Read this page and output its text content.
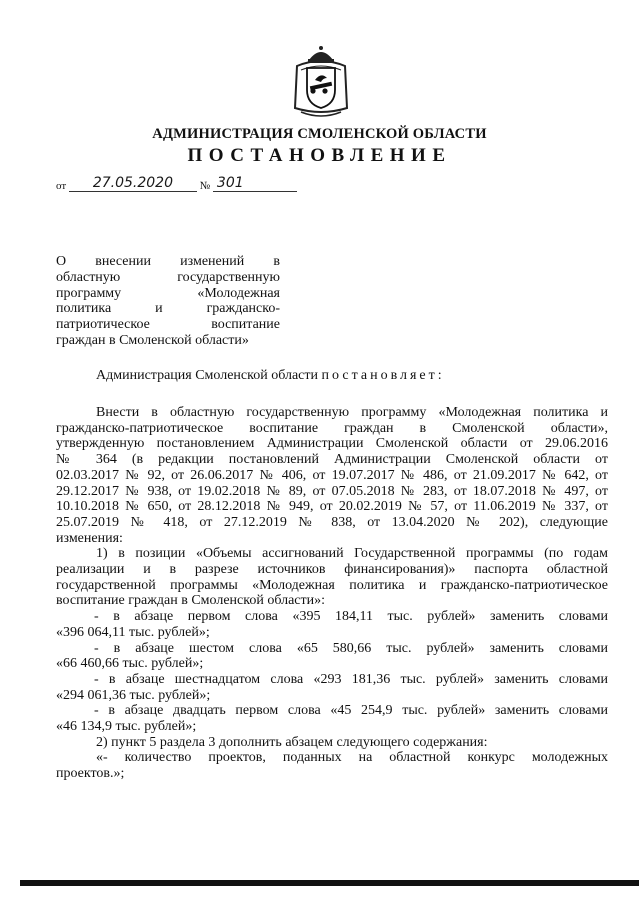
АДМИНИСТРАЦИЯ СМОЛЕНСКОЙ ОБЛАСТИ
ПОСТАНОВЛЕНИЕ
от 27.05.2020 № 301
О внесении изменений в
областную государственную
программу «Молодежная
политика и гражданско-
патриотическое воспитание
граждан в Смоленской области»
Администрация Смоленской области постановляет:
Внести в областную государственную программу «Молодежная политика и
гражданско-патриотическое воспитание граждан в Смоленской области»,
утвержденную постановлением Администрации Смоленской области от 29.06.2016
№ 364 (в редакции постановлений Администрации Смоленской области от
02.03.2017 № 92, от 26.06.2017 № 406, от 19.07.2017 № 486, от 21.09.2017 № 642, от
29.12.2017 № 938, от 19.02.2018 № 89, от 07.05.2018 № 283, от 18.07.2018 № 497, от
10.10.2018 № 650, от 28.12.2018 № 949, от 20.02.2019 № 57, от 11.06.2019 № 337, от
25.07.2019 № 418, от 27.12.2019 № 838, от 13.04.2020 № 202), следующие
изменения:
1) в позиции «Объемы ассигнований Государственной программы (по годам
реализации и в разрезе источников финансирования)» паспорта областной
государственной программы «Молодежная политика и гражданско-патриотическое
воспитание граждан в Смоленской области»:
- в абзаце первом слова «395 184,11 тыс. рублей» заменить словами
«396 064,11 тыс. рублей»;
- в абзаце шестом слова «65 580,66 тыс. рублей» заменить словами
«66 460,66 тыс. рублей»;
- в абзаце шестнадцатом слова «293 181,36 тыс. рублей» заменить словами
«294 061,36 тыс. рублей»;
- в абзаце двадцать первом слова «45 254,9 тыс. рублей» заменить словами
«46 134,9 тыс. рублей»;
2) пункт 5 раздела 3 дополнить абзацем следующего содержания:
«- количество проектов, поданных на областной конкурс молодежных
проектов.»;
